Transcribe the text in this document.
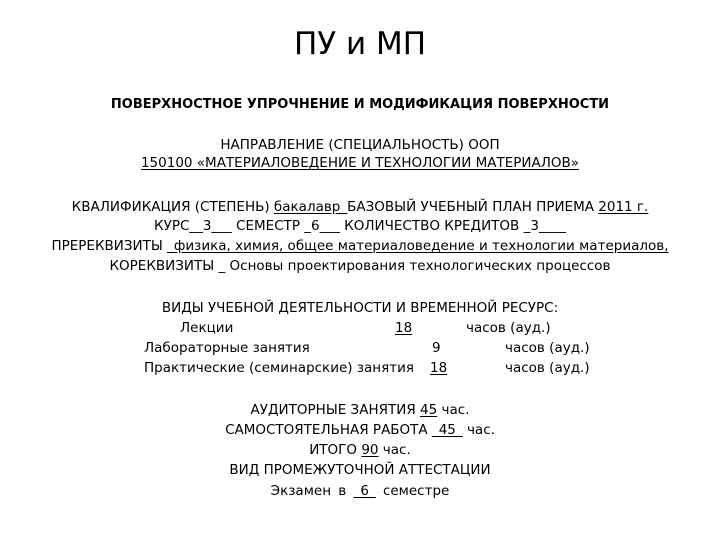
ПУ и МП
ПОВЕРХНОСТНОЕ УПРОЧНЕНИЕ И МОДИФИКАЦИЯ ПОВЕРХНОСТИ
НАПРАВЛЕНИЕ (СПЕЦИАЛЬНОСТЬ) ООП
150100 «МАТЕРИАЛОВЕДЕНИЕ И ТЕХНОЛОГИИ МАТЕРИАЛОВ»
КВАЛИФИКАЦИЯ (СТЕПЕНЬ) бакалавр_БАЗОВЫЙ УЧЕБНЫЙ ПЛАН ПРИЕМА 2011 г.
КУРС__3___ СЕМЕСТР _6___ КОЛИЧЕСТВО КРЕДИТОВ _3____
ПРЕРЕКВИЗИТЫ _физика, химия, общее материаловедение и технологии материалов,
КОРЕКВИЗИТЫ _ Основы проектирования технологических процессов
ВИДЫ УЧЕБНОЙ ДЕЯТЕЛЬНОСТИ И ВРЕМЕННОЙ РЕСУРС:
Лекции	18	часов (ауд.)
Лабораторные занятия	9	часов (ауд.)
Практические (семинарские) занятия 18	часов (ауд.)
АУДИТОРНЫЕ ЗАНЯТИЯ 45 час.
САМОСТОЯТЕЛЬНАЯ РАБОТА _45_ час.
ИТОГО 90 час.
ВИД ПРОМЕЖУТОЧНОЙ АТТЕСТАЦИИ
Экзамен в _6_ семестре
